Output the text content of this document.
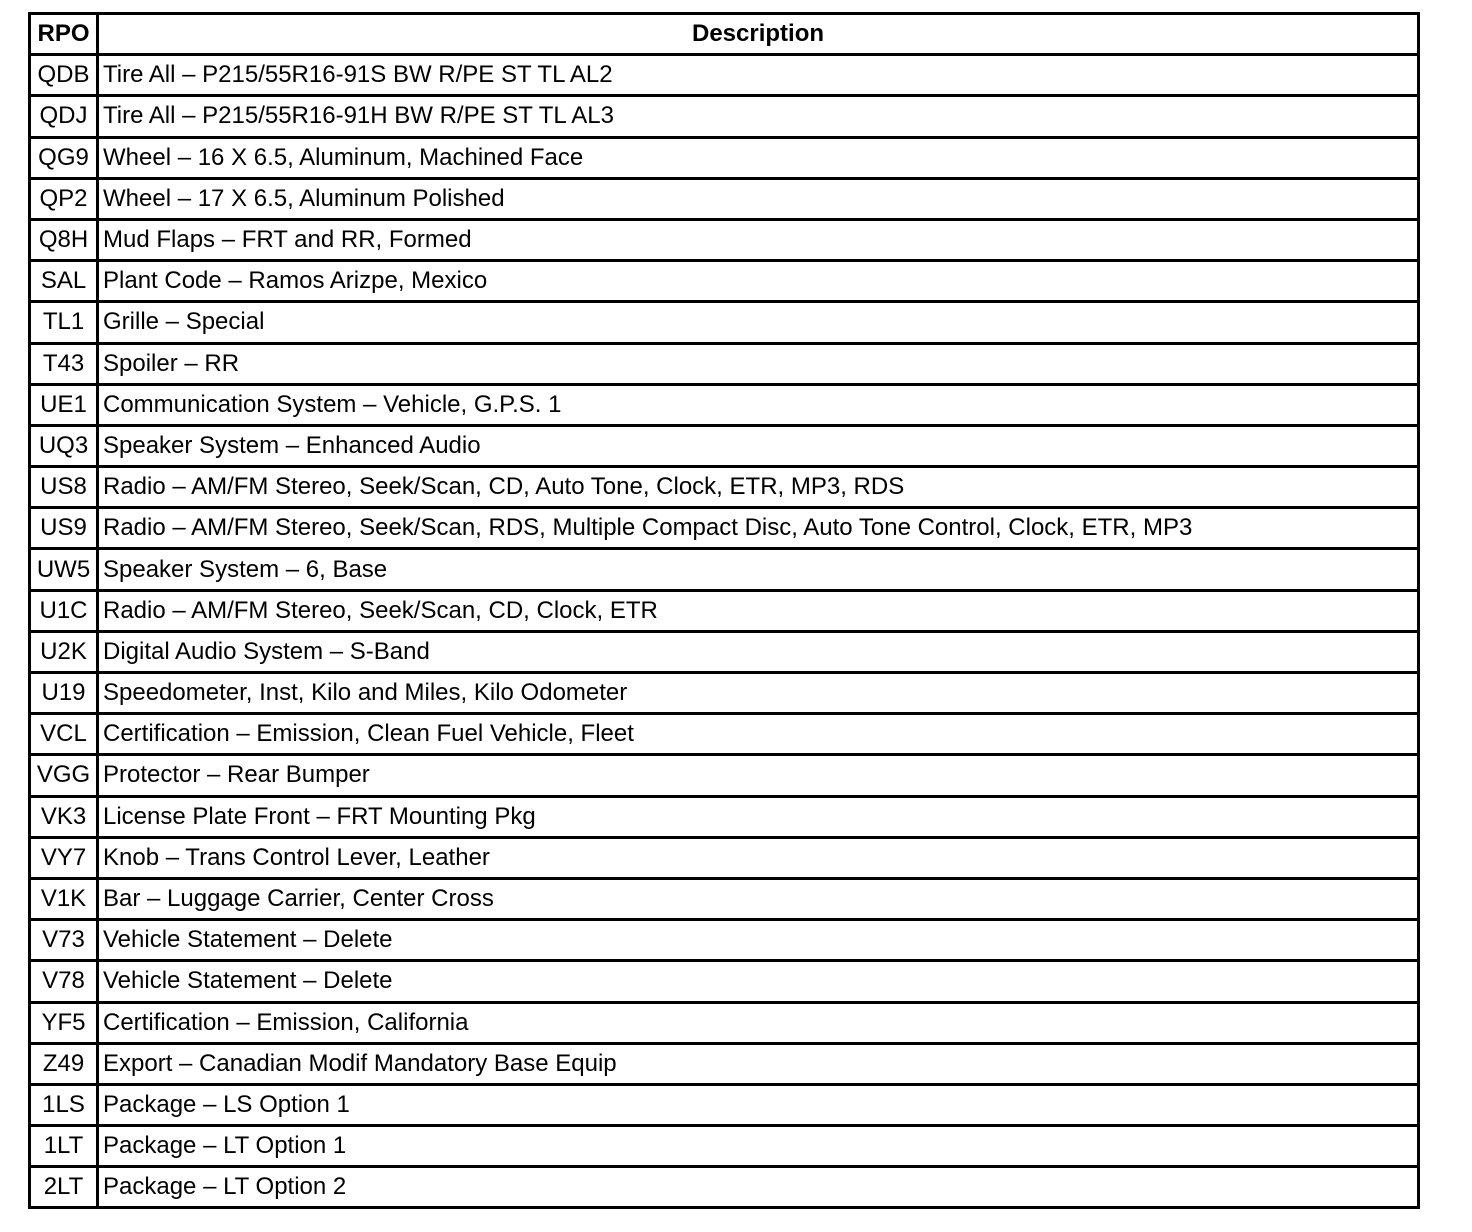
RPO	Description
QDB	Tire All – P215/55R16-91S BW R/PE ST TL AL2
QDJ	Tire All – P215/55R16-91H BW R/PE ST TL AL3
QG9	Wheel – 16 X 6.5, Aluminum, Machined Face
QP2	Wheel – 17 X 6.5, Aluminum Polished
Q8H	Mud Flaps – FRT and RR, Formed
SAL	Plant Code – Ramos Arizpe, Mexico
TL1	Grille – Special
T43	Spoiler – RR
UE1	Communication System – Vehicle, G.P.S. 1
UQ3	Speaker System – Enhanced Audio
US8	Radio – AM/FM Stereo, Seek/Scan, CD, Auto Tone, Clock, ETR, MP3, RDS
US9	Radio – AM/FM Stereo, Seek/Scan, RDS, Multiple Compact Disc, Auto Tone Control, Clock, ETR, MP3
UW5	Speaker System – 6, Base
U1C	Radio – AM/FM Stereo, Seek/Scan, CD, Clock, ETR
U2K	Digital Audio System – S-Band
U19	Speedometer, Inst, Kilo and Miles, Kilo Odometer
VCL	Certification – Emission, Clean Fuel Vehicle, Fleet
VGG	Protector – Rear Bumper
VK3	License Plate Front – FRT Mounting Pkg
VY7	Knob – Trans Control Lever, Leather
V1K	Bar – Luggage Carrier, Center Cross
V73	Vehicle Statement – Delete
V78	Vehicle Statement – Delete
YF5	Certification – Emission, California
Z49	Export – Canadian Modif Mandatory Base Equip
1LS	Package – LS Option 1
1LT	Package – LT Option 1
2LT	Package – LT Option 2
